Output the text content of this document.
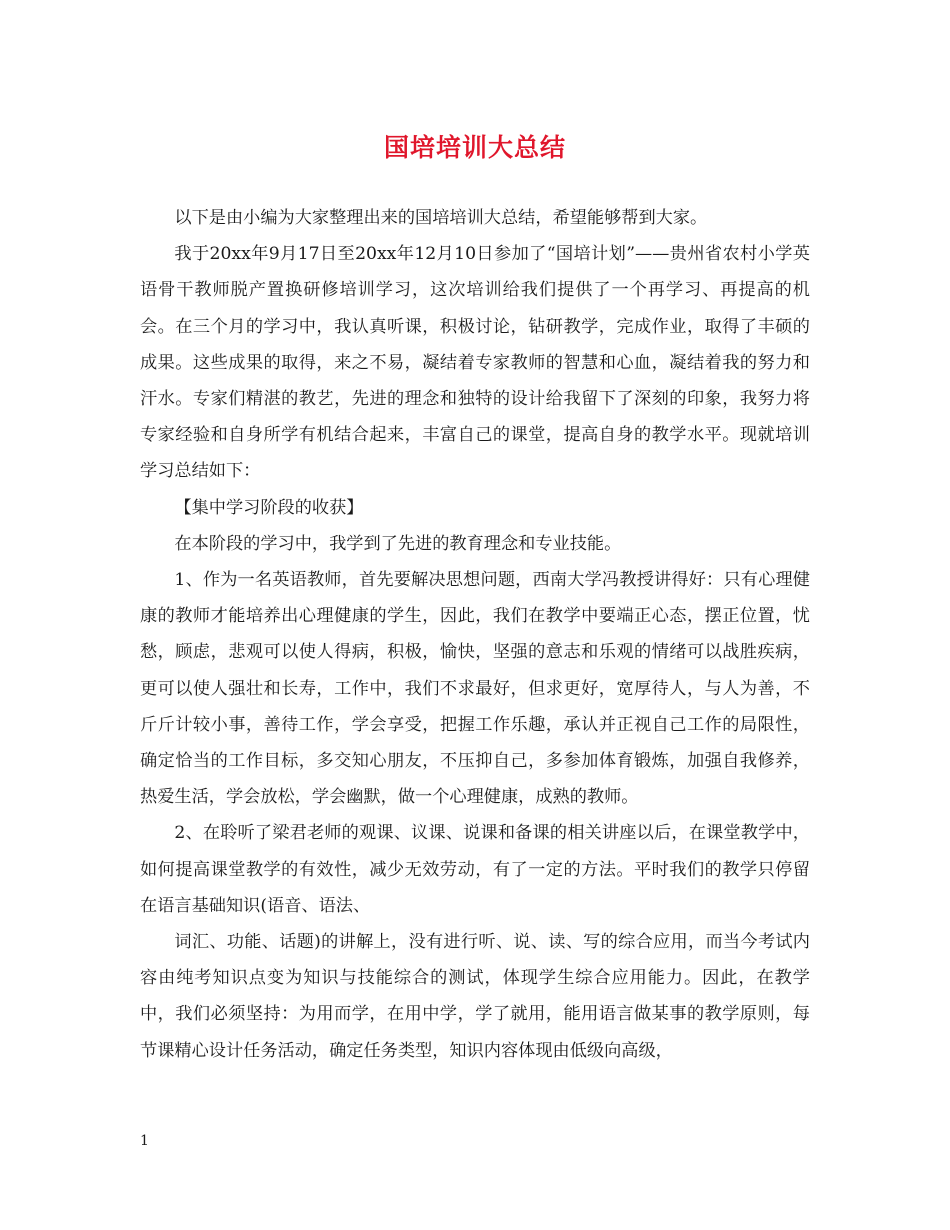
国培培训大总结

以下是由小编为大家整理出来的国培培训大总结，希望能够帮到大家。

我于20xx年9月17日至20xx年12月10日参加了“国培计划”——贵州省农村小学英语骨干教师脱产置换研修培训学习，这次培训给我们提供了一个再学习、再提高的机会。在三个月的学习中，我认真听课，积极讨论，钻研教学，完成作业，取得了丰硕的成果。这些成果的取得，来之不易，凝结着专家教师的智慧和心血，凝结着我的努力和汗水。专家们精湛的教艺，先进的理念和独特的设计给我留下了深刻的印象，我努力将专家经验和自身所学有机结合起来，丰富自己的课堂，提高自身的教学水平。现就培训学习总结如下：

【集中学习阶段的收获】

在本阶段的学习中，我学到了先进的教育理念和专业技能。

1、作为一名英语教师，首先要解决思想问题，西南大学冯教授讲得好：只有心理健康的教师才能培养出心理健康的学生，因此，我们在教学中要端正心态，摆正位置，忧愁，顾虑，悲观可以使人得病，积极，愉快，坚强的意志和乐观的情绪可以战胜疾病，更可以使人强壮和长寿，工作中，我们不求最好，但求更好，宽厚待人，与人为善，不斤斤计较小事，善待工作，学会享受，把握工作乐趣，承认并正视自己工作的局限性，确定恰当的工作目标，多交知心朋友，不压抑自己，多参加体育锻炼，加强自我修养，热爱生活，学会放松，学会幽默，做一个心理健康，成熟的教师。

2、在聆听了梁君老师的观课、议课、说课和备课的相关讲座以后，在课堂教学中，如何提高课堂教学的有效性，减少无效劳动，有了一定的方法。平时我们的教学只停留在语言基础知识(语音、语法、

词汇、功能、话题)的讲解上，没有进行听、说、读、写的综合应用，而当今考试内容由纯考知识点变为知识与技能综合的测试，体现学生综合应用能力。因此，在教学中，我们必须坚持：为用而学，在用中学，学了就用，能用语言做某事的教学原则，每节课精心设计任务活动，确定任务类型，知识内容体现由低级向高级，

1
